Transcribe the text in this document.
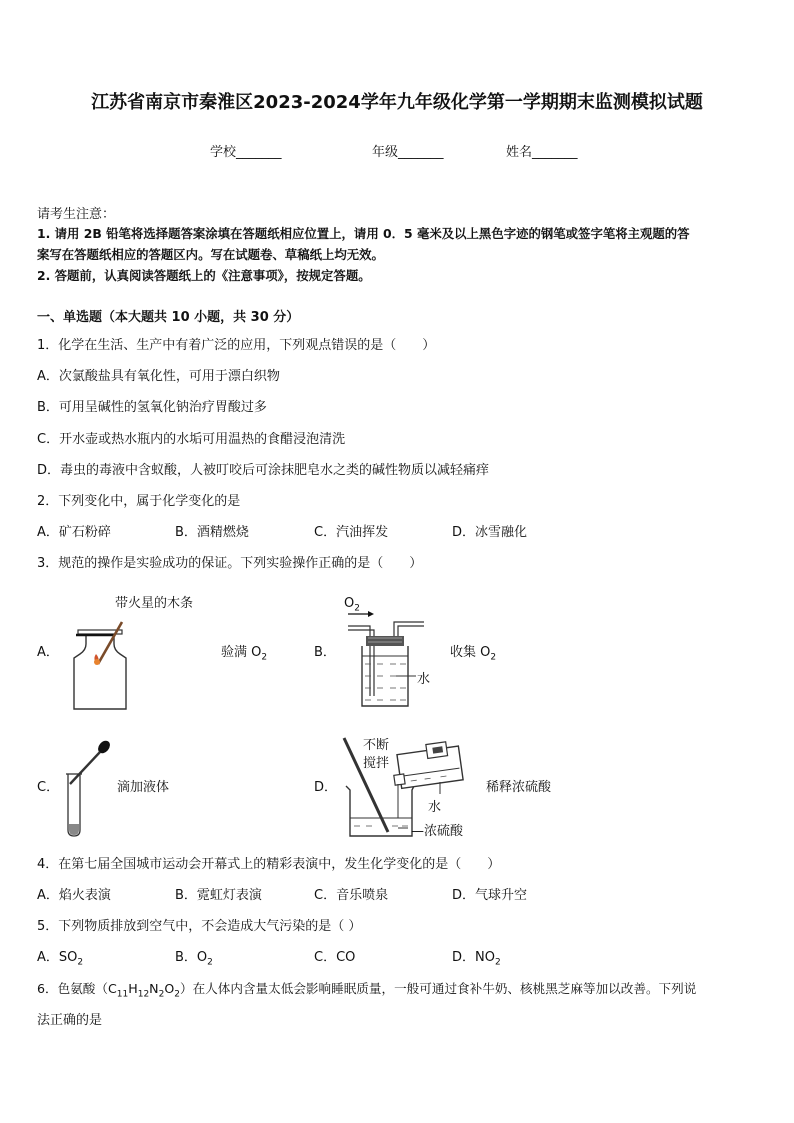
江苏省南京市秦淮区2023-2024学年九年级化学第一学期期末监测模拟试题
学校_______	年级_______	姓名_______
请考生注意：
1. 请用 2B 铅笔将选择题答案涂填在答题纸相应位置上，请用 0．5 毫米及以上黑色字迹的钢笔或签字笔将主观题的答
案写在答题纸相应的答题区内。写在试题卷、草稿纸上均无效。
2. 答题前，认真阅读答题纸上的《注意事项》，按规定答题。
一、单选题（本大题共 10 小题，共 30 分）
1．化学在生活、生产中有着广泛的应用，下列观点错误的是（　　）
A．次氯酸盐具有氧化性，可用于漂白织物
B．可用呈碱性的氢氧化钠治疗胃酸过多
C．开水壶或热水瓶内的水垢可用温热的食醋浸泡清洗
D．毒虫的毒液中含蚁酸，人被叮咬后可涂抹肥皂水之类的碱性物质以减轻痛痒
2．下列变化中，属于化学变化的是
A．矿石粉碎	B．酒精燃烧	C．汽油挥发	D．冰雪融化
3．规范的操作是实验成功的保证。下列实验操作正确的是（　　）
A．
带火星的木条
验满 $O_2$	B．
$O_2$
水
收集 $O_2$
C．	滴加液体	D．
不断
搅拌
水
—浓硫酸
稀释浓硫酸
4．在第七届全国城市运动会开幕式上的精彩表演中，发生化学变化的是（　　）
A．焰火表演	B．霓虹灯表演	C．音乐喷泉	D．气球升空
5．下列物质排放到空气中，不会造成大气污染的是（ ）
A．$SO_2$	B．$O_2$	C．CO	D．$NO_2$
6．色氨酸$(C_{11}H_{12}N_2O_2)$在人体内含量太低会影响睡眠质量，一般可通过食补牛奶、核桃黑芝麻等加以改善。下列说
法正确的是
